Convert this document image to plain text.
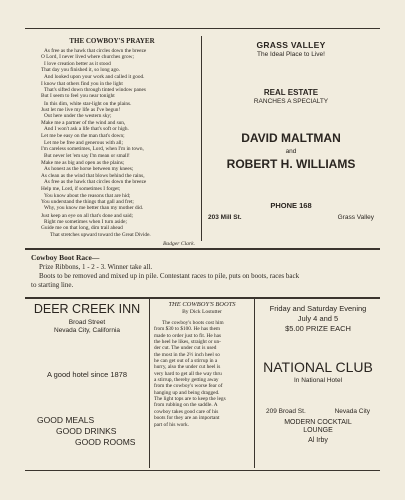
THE COWBOY'S PRAYER
As free as the hawk that circles down the breeze
O Lord, I never lived where churches grow;
I love creation better as it stood
That day you finished it, so long ago.
And looked upon your work and called it good.
I know that others find you in the light
That's sifted down through tinted window panes
But I seem to feel you near tonight
In this dim, white star-light on the plains.
Just let me live my life as I've begun!
Out here under the western sky;
Make me a partner of the wind and sun,
And I won't ask a life that's soft or high.
Let me be easy on the man that's down;
Let me be free and generous with all;
I'm careless sometimes, Lord, when I'm in town,
But never let 'em say I'm mean or small!
Make me as big and open as the plains;
As honest as the horse between my knees;
As clean as the wind that blows behind the rains,
As free as the hawk that circles down the breeze
Help me, Lord, if sometimes I forget;
You know about the reasons that are hid;
You understand the things that gall and fret;
Why, you know me better than my mother did.
Just keep an eye on all that's done and said;
Right me sometimes when I turn aside;
Guide me on that long, dim trail ahead
That stretches upward toward the Great Divide.
Badger Clark.
GRASS VALLEY
The Ideal Place to Live!
REAL ESTATE
RANCHES A SPECIALTY
DAVID MALTMAN
and
ROBERT H. WILLIAMS
PHONE 168
203 Mill St.	Grass Valley
Cowboy Boot Race—
Prize Ribbons, 1 - 2 - 3. Winner take all.
Boots to be removed and mixed up in pile. Contestant races to pile, puts on boots, races back
to starting line.
DEER CREEK INN
Broad Street
Nevada City, California
A good hotel since 1878
GOOD MEALS
GOOD DRINKS
GOOD ROOMS
THE COWBOY'S BOOTS
By Dick Lostutter
The cowboy's boots cost him
from $30 to $100. He has them
made to order just to fit. He has
the heel he likes, straight or un-
der cut. The under cut is used
the most in the 2½ inch heel so
he can get out of a stirrup in a
hurry, also the under cut heel is
very hard to get all the way thru
a stirrup, thereby getting away
from the cowboy's worse fear of
hanging up and being dragged.
The light tops are to keep the legs
from rubbing on the saddle. A
cowboy takes good care of his
boots for they are an important
part of his work.
Friday and Saturday Evening
July 4 and 5
$5.00 PRIZE EACH
NATIONAL CLUB
In National Hotel
209 Broad St.	Nevada City
MODERN COCKTAIL
LOUNGE
Al Irby
